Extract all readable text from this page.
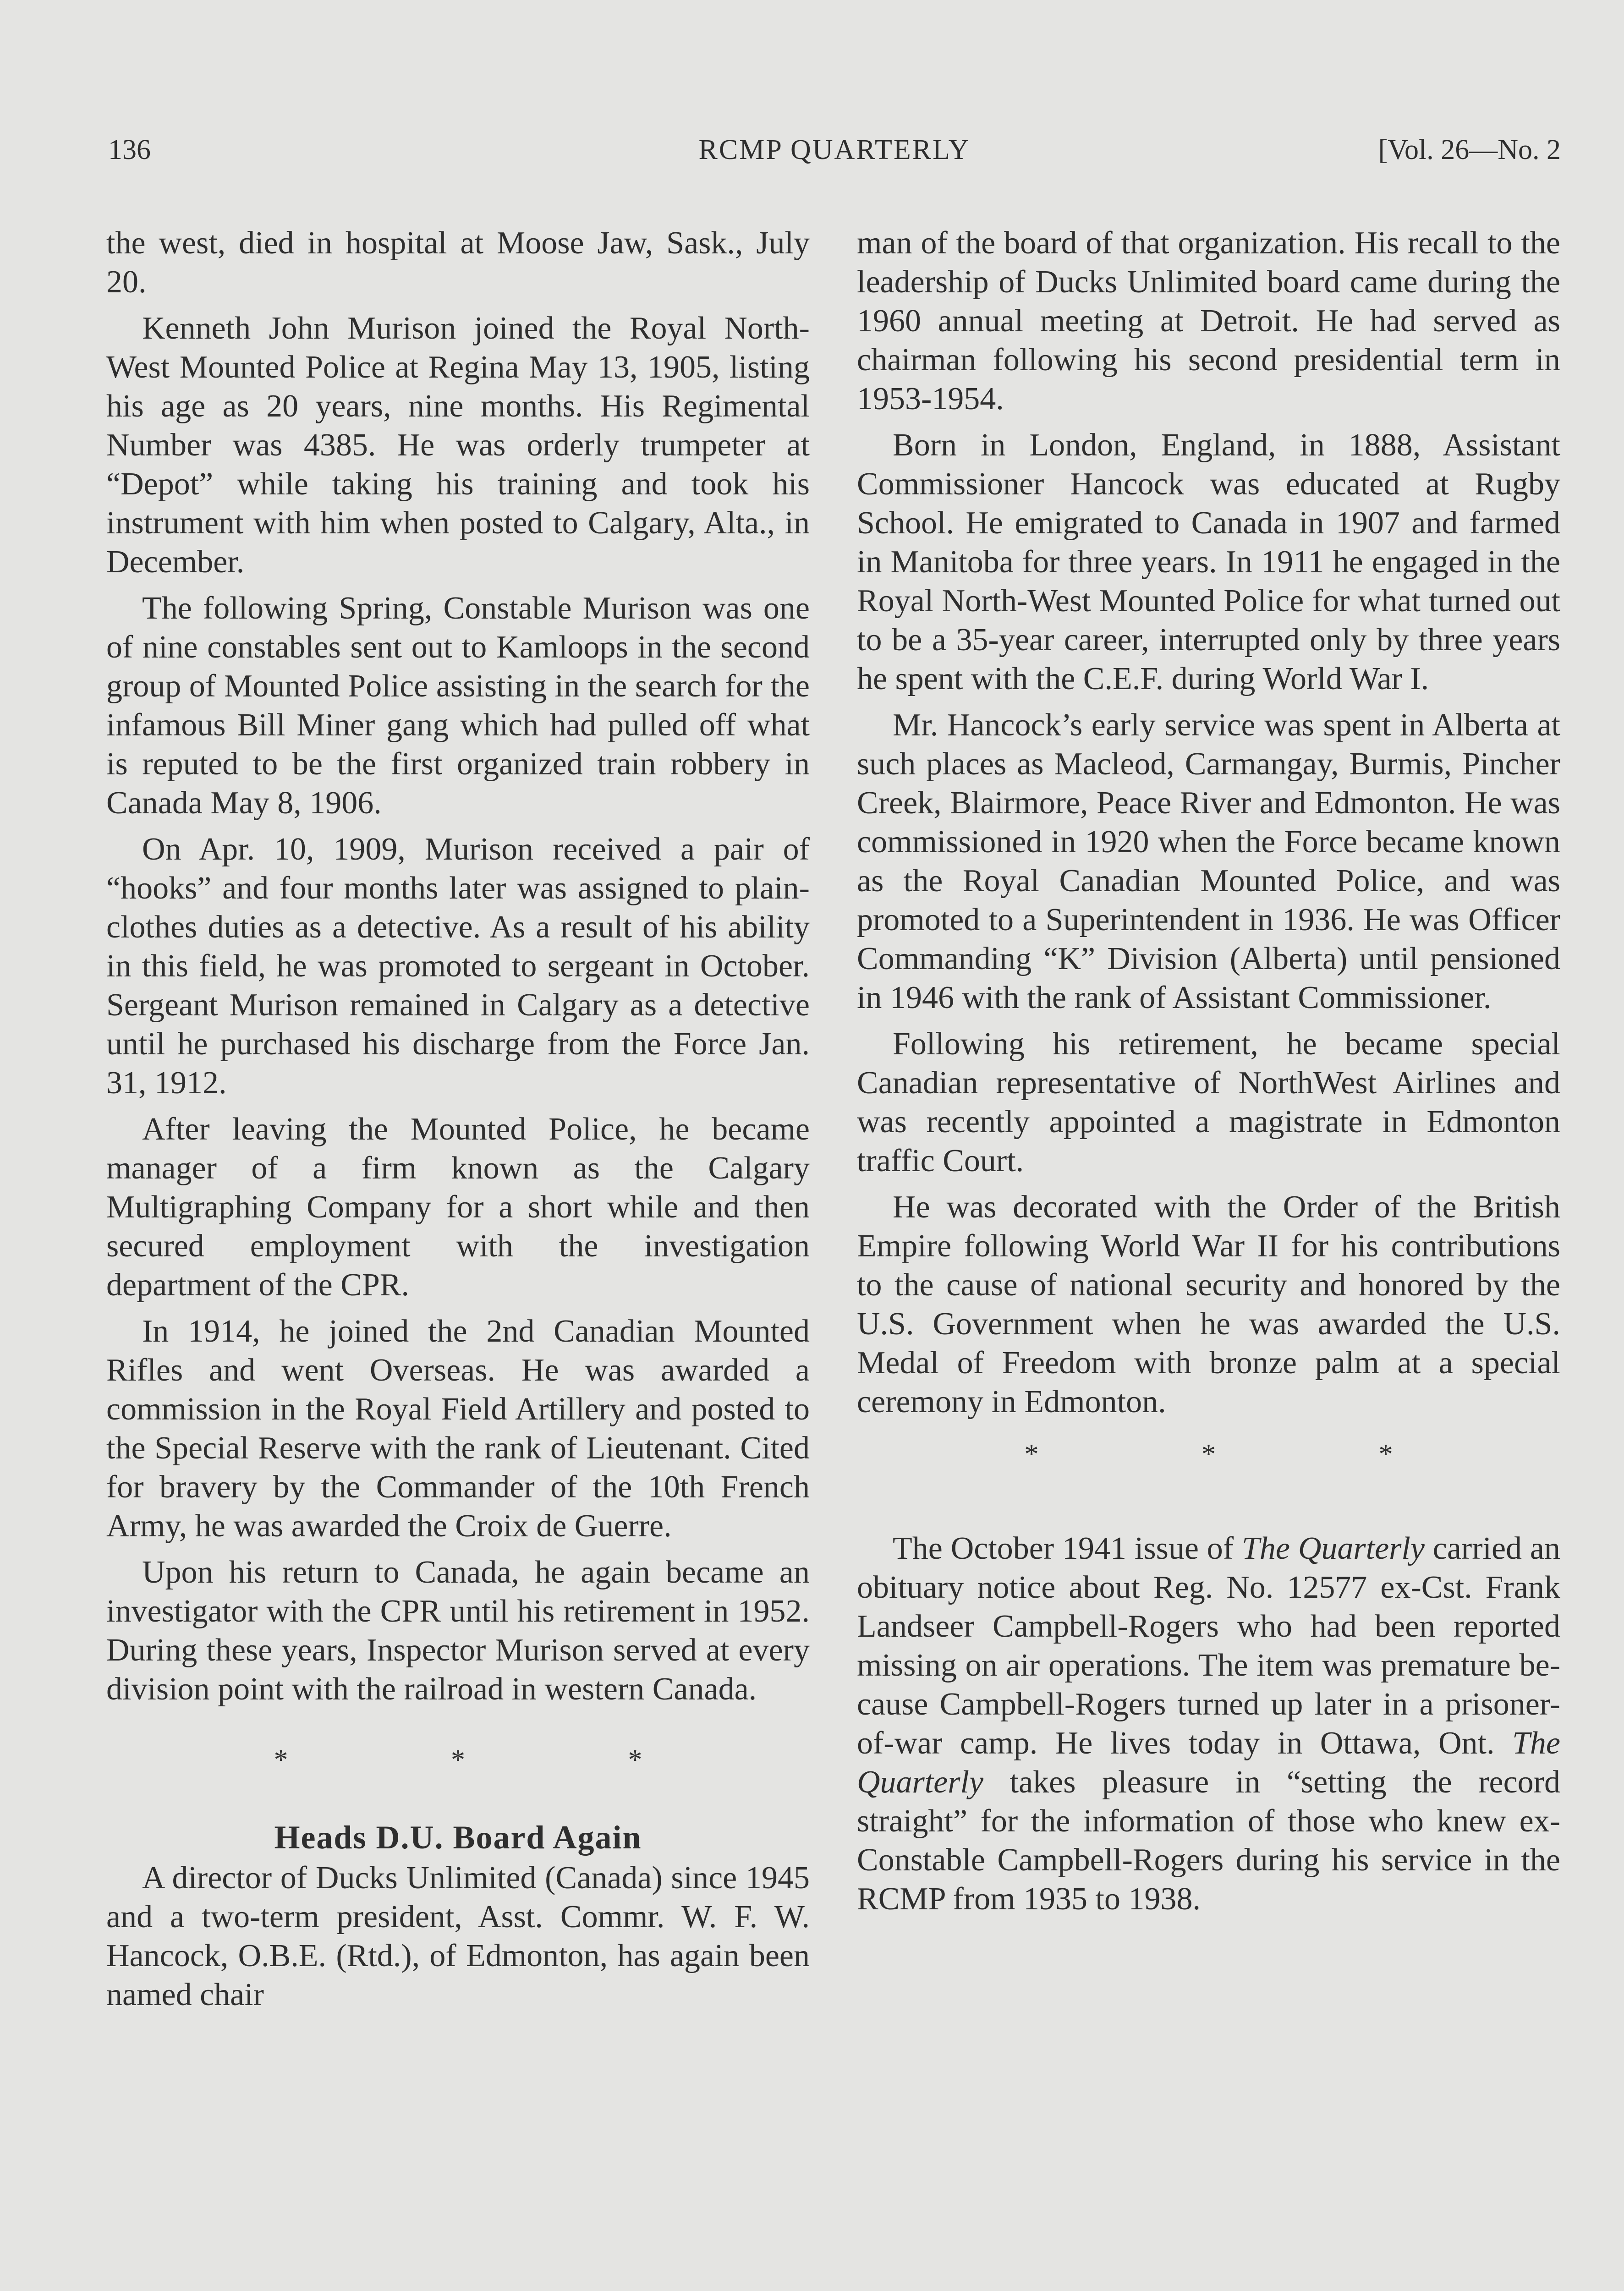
136	RCMP QUARTERLY	[Vol. 26—No. 2

the west, died in hospital at Moose Jaw, Sask., July 20.

Kenneth John Murison joined the Royal North-West Mounted Police at Regina May 13, 1905, listing his age as 20 years, nine months. His Regimental Number was 4385. He was orderly trumpeter at “Depot” while taking his training and took his instrument with him when posted to Calgary, Alta., in December.

The following Spring, Constable Murison was one of nine constables sent out to Kamloops in the second group of Mounted Police assisting in the search for the infamous Bill Miner gang which had pulled off what is reputed to be the first organized train robbery in Canada May 8, 1906.

On Apr. 10, 1909, Murison received a pair of “hooks” and four months later was assigned to plain-clothes duties as a detective. As a result of his ability in this field, he was promoted to sergeant in October. Sergeant Murison remained in Calgary as a detective until he purchased his discharge from the Force Jan. 31, 1912.

After leaving the Mounted Police, he became manager of a firm known as the Calgary Multigraphing Company for a short while and then secured employment with the investigation department of the CPR.

In 1914, he joined the 2nd Canadian Mounted Rifles and went Overseas. He was awarded a commission in the Royal Field Artillery and posted to the Special Reserve with the rank of Lieutenant. Cited for bravery by the Commander of the 10th French Army, he was awarded the Croix de Guerre.

Upon his return to Canada, he again became an investigator with the CPR until his retirement in 1952. During these years, Inspector Murison served at every division point with the railroad in western Canada.

* * *
Heads D.U. Board Again

A director of Ducks Unlimited (Canada) since 1945 and a two-term president, Asst. Commr. W. F. W. Hancock, O.B.E. (Rtd.), of Edmonton, has again been named chair

man of the board of that organization. His recall to the leadership of Ducks Unlimited board came during the 1960 annual meeting at Detroit. He had served as chairman following his second presidential term in 1953-1954.

Born in London, England, in 1888, Assistant Commissioner Hancock was educated at Rugby School. He emigrated to Canada in 1907 and farmed in Manitoba for three years. In 1911 he engaged in the Royal North-West Mounted Police for what turned out to be a 35-year career, interrupted only by three years he spent with the C.E.F. during World War I.

Mr. Hancock’s early service was spent in Alberta at such places as Macleod, Carmangay, Burmis, Pincher Creek, Blairmore, Peace River and Edmonton. He was commissioned in 1920 when the Force became known as the Royal Canadian Mounted Police, and was promoted to a Superintendent in 1936. He was Officer Commanding “K” Division (Alberta) until pensioned in 1946 with the rank of Assistant Commissioner.

Following his retirement, he became special Canadian representative of NorthWest Airlines and was recently appointed a magistrate in Edmonton traffic Court.

He was decorated with the Order of the British Empire following World War II for his contributions to the cause of national security and honored by the U.S. Government when he was awarded the U.S. Medal of Freedom with bronze palm at a special ceremony in Edmonton.

* * *

The October 1941 issue of The Quarterly carried an obituary notice about Reg. No. 12577 ex-Cst. Frank Landseer Campbell-Rogers who had been reported missing on air operations. The item was premature because Campbell-Rogers turned up later in a prisoner-of-war camp. He lives today in Ottawa, Ont. The Quarterly takes pleasure in “setting the record straight” for the information of those who knew ex-Constable Campbell-Rogers during his service in the RCMP from 1935 to 1938.
